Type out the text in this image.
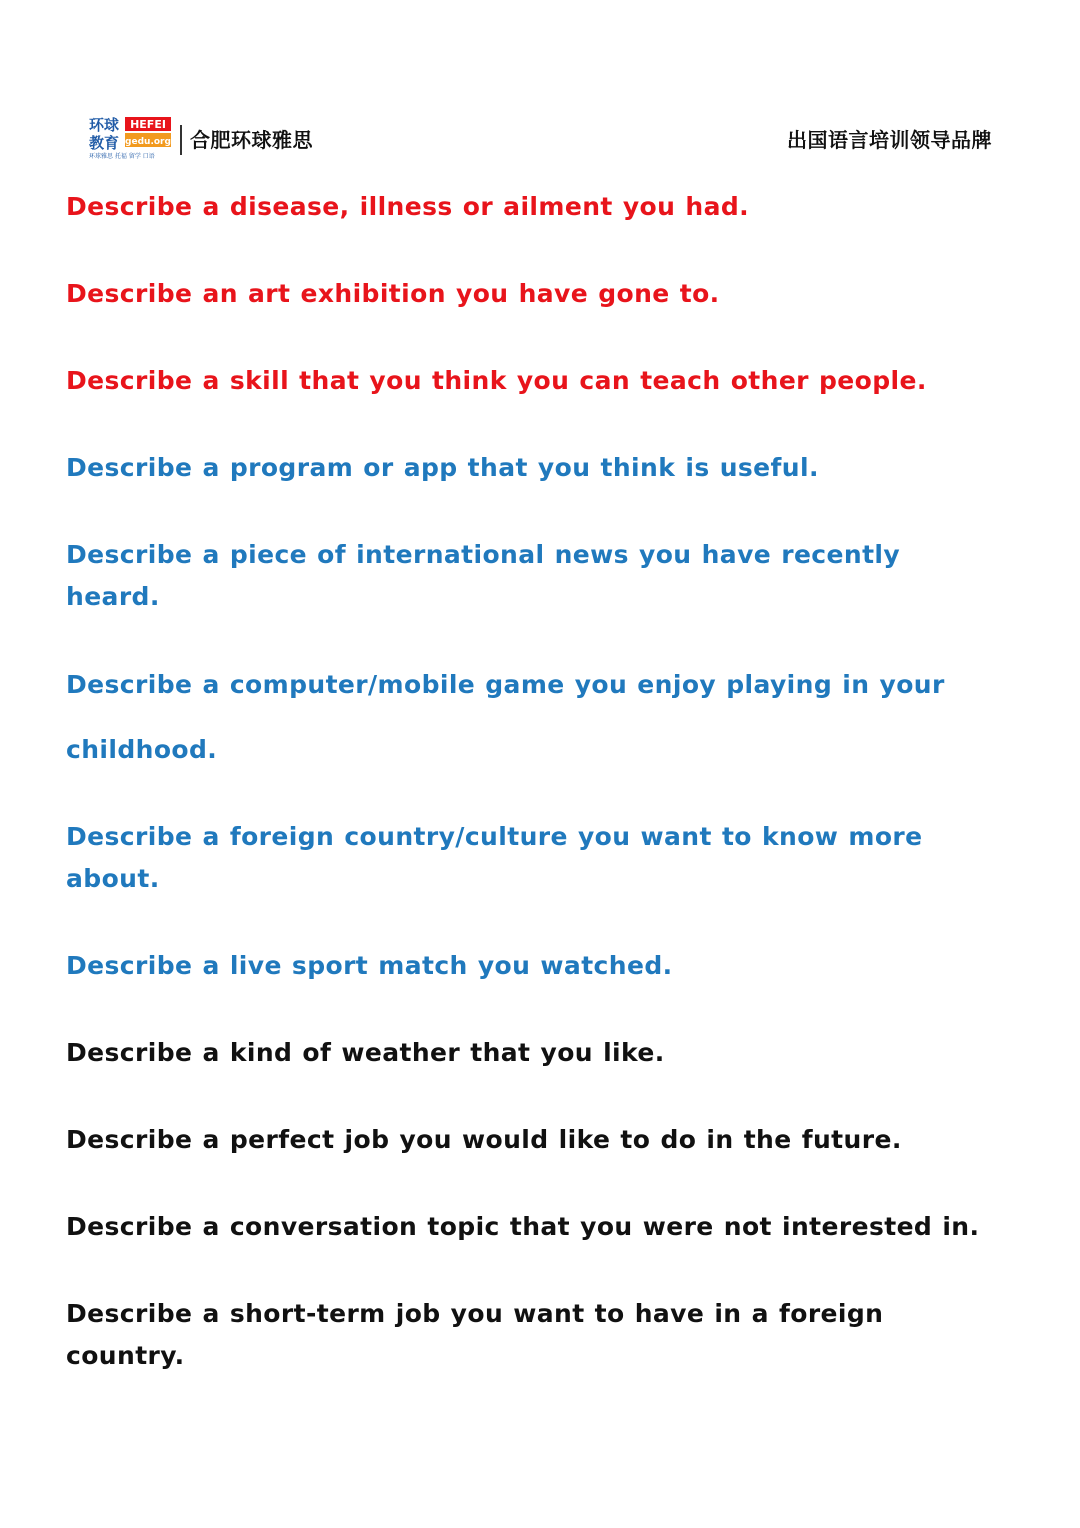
环球
教育
HEFEI
gedu.org
环球雅思 托福 留学 口语
合肥环球雅思	出国语言培训领导品牌
Describe a disease, illness or ailment you had.
Describe an art exhibition you have gone to.
Describe a skill that you think you can teach other people.
Describe a program or app that you think is useful.
Describe a piece of international news you have recently heard.
Describe a computer/mobile game you enjoy playing in your childhood.
Describe a foreign country/culture you want to know more about.
Describe a live sport match you watched.
Describe a kind of weather that you like.
Describe a perfect job you would like to do in the future.
Describe a conversation topic that you were not interested in.
Describe a short-term job you want to have in a foreign country.
